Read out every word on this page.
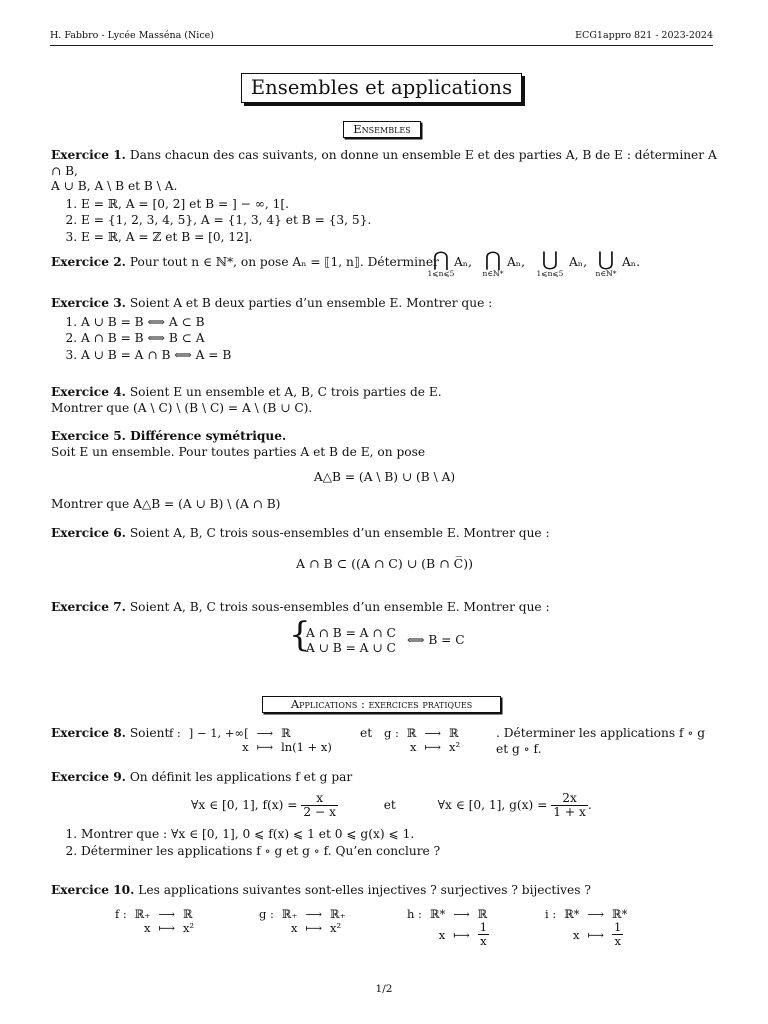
H. Fabbro - Lycée Masséna (Nice)	ECG1appro 821 - 2023-2024
Ensembles et applications
Ensembles
Exercice 1. Dans chacun des cas suivants, on donne un ensemble E et des parties A, B de E : déterminer A ∩ B,
A ∪ B, A \ B et B \ A.
1. E = ℝ, A = [0, 2] et B = ] − ∞, 1[.
2. E = {1, 2, 3, 4, 5}, A = {1, 3, 4} et B = {3, 5}.
3. E = ℝ, A = ℤ et B = [0, 12].
Exercice 2. Pour tout n ∈ ℕ*, on pose Aₙ = ⟦1, n⟧. Déterminer
⋂
1⩽n⩽5
Aₙ, ⋂
n∈ℕ*
Aₙ, ⋃
1⩽n⩽5
Aₙ, ⋃
n∈ℕ*
Aₙ.
Exercice 3. Soient A et B deux parties d’un ensemble E. Montrer que :
1. A ∪ B = B ⟺ A ⊂ B
2. A ∩ B = B ⟺ B ⊂ A
3. A ∪ B = A ∩ B ⟺ A = B
Exercice 4. Soient E un ensemble et A, B, C trois parties de E.
Montrer que (A \ C) \ (B \ C) = A \ (B ∪ C).
Exercice 5. Différence symétrique.
Soit E un ensemble. Pour toutes parties A et B de E, on pose
A△B = (A \ B) ∪ (B \ A)
Montrer que A△B = (A ∪ B) \ (A ∩ B)
Exercice 6. Soient A, B, C trois sous-ensembles d’un ensemble E. Montrer que :
A ∩ B ⊂ ((A ∩ C) ∪ (B ∩ C̅))
Exercice 7. Soient A, B, C trois sous-ensembles d’un ensemble E. Montrer que :
{
A ∩ B = A ∩ C
A ∪ B = A ∪ C
⟺ B = C
Applications : exercices pratiques
Exercice 8. Soient f :	] − 1, +∞[	⟶	ℝ
	x	⟼	ln(1 + x)
et g :	ℝ	⟶	ℝ
	x	⟼	x²
. Déterminer les applications f ∘ g et g ∘ f.
Exercice 9. On définit les applications f et g par
∀x ∈ [0, 1], $f(x) = \frac{x}{2 - x}$	et	∀x ∈ [0, 1], $g(x) = \frac{2x}{1 + x}$ .
1. Montrer que : ∀x ∈ [0, 1], 0 ⩽ f(x) ⩽ 1 et 0 ⩽ g(x) ⩽ 1.
2. Déterminer les applications f ∘ g et g ∘ f. Qu’en conclure ?
Exercice 10. Les applications suivantes sont-elles injectives ? surjectives ? bijectives ?
f :	ℝ₊	⟶	ℝ
	x	⟼	x²
g :	ℝ₊	⟶	ℝ₊
	x	⟼	x²
h :	ℝ*	⟶	ℝ
	x	⟼	$\frac{1}{x}$
i :	ℝ*	⟶	ℝ*
	x	⟼	$\frac{1}{x}$
1/2
